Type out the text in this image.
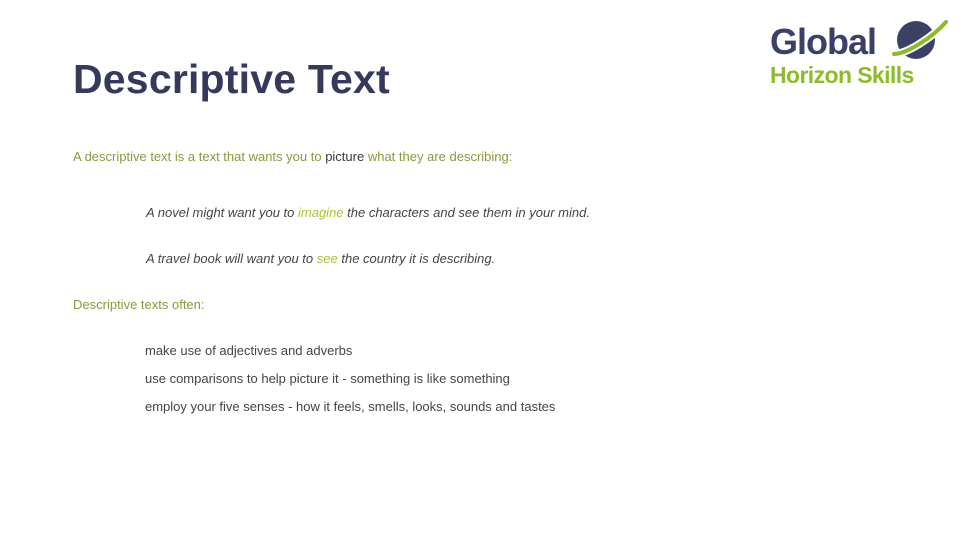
Descriptive Text
Global
Horizon Skills
A descriptive text is a text that wants you to picture what they are describing:
A novel might want you to imagine the characters and see them in your mind.
A travel book will want you to see the country it is describing.
Descriptive texts often:
make use of adjectives and adverbs
use comparisons to help picture it - something is like something
employ your five senses - how it feels, smells, looks, sounds and tastes
